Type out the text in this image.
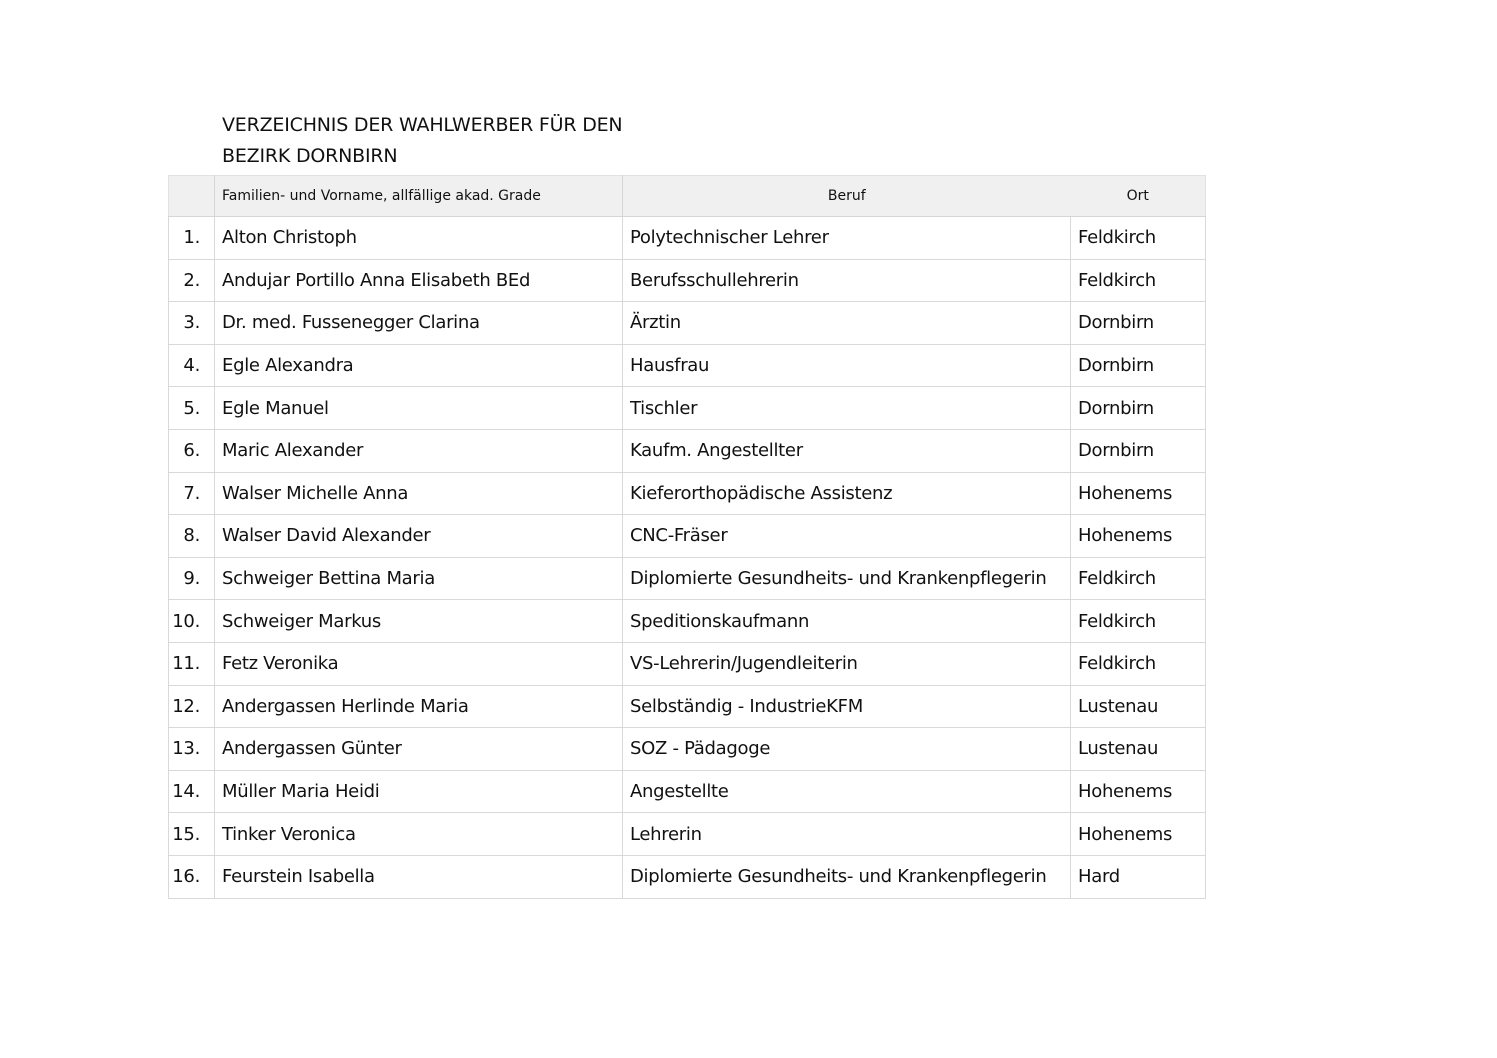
VERZEICHNIS DER WAHLWERBER FÜR DEN
BEZIRK DORNBIRN
	Familien- und Vorname, allfällige akad. Grade	Beruf	Ort
1.	Alton Christoph	Polytechnischer Lehrer	Feldkirch
2.	Andujar Portillo Anna Elisabeth BEd	Berufsschullehrerin	Feldkirch
3.	Dr. med. Fussenegger Clarina	Ärztin	Dornbirn
4.	Egle Alexandra	Hausfrau	Dornbirn
5.	Egle Manuel	Tischler	Dornbirn
6.	Maric Alexander	Kaufm. Angestellter	Dornbirn
7.	Walser Michelle Anna	Kieferorthopädische Assistenz	Hohenems
8.	Walser David Alexander	CNC-Fräser	Hohenems
9.	Schweiger Bettina Maria	Diplomierte Gesundheits- und Krankenpflegerin	Feldkirch
10.	Schweiger Markus	Speditionskaufmann	Feldkirch
11.	Fetz Veronika	VS-Lehrerin/Jugendleiterin	Feldkirch
12.	Andergassen Herlinde Maria	Selbständig - IndustrieKFM	Lustenau
13.	Andergassen Günter	SOZ - Pädagoge	Lustenau
14.	Müller Maria Heidi	Angestellte	Hohenems
15.	Tinker Veronica	Lehrerin	Hohenems
16.	Feurstein Isabella	Diplomierte Gesundheits- und Krankenpflegerin	Hard
